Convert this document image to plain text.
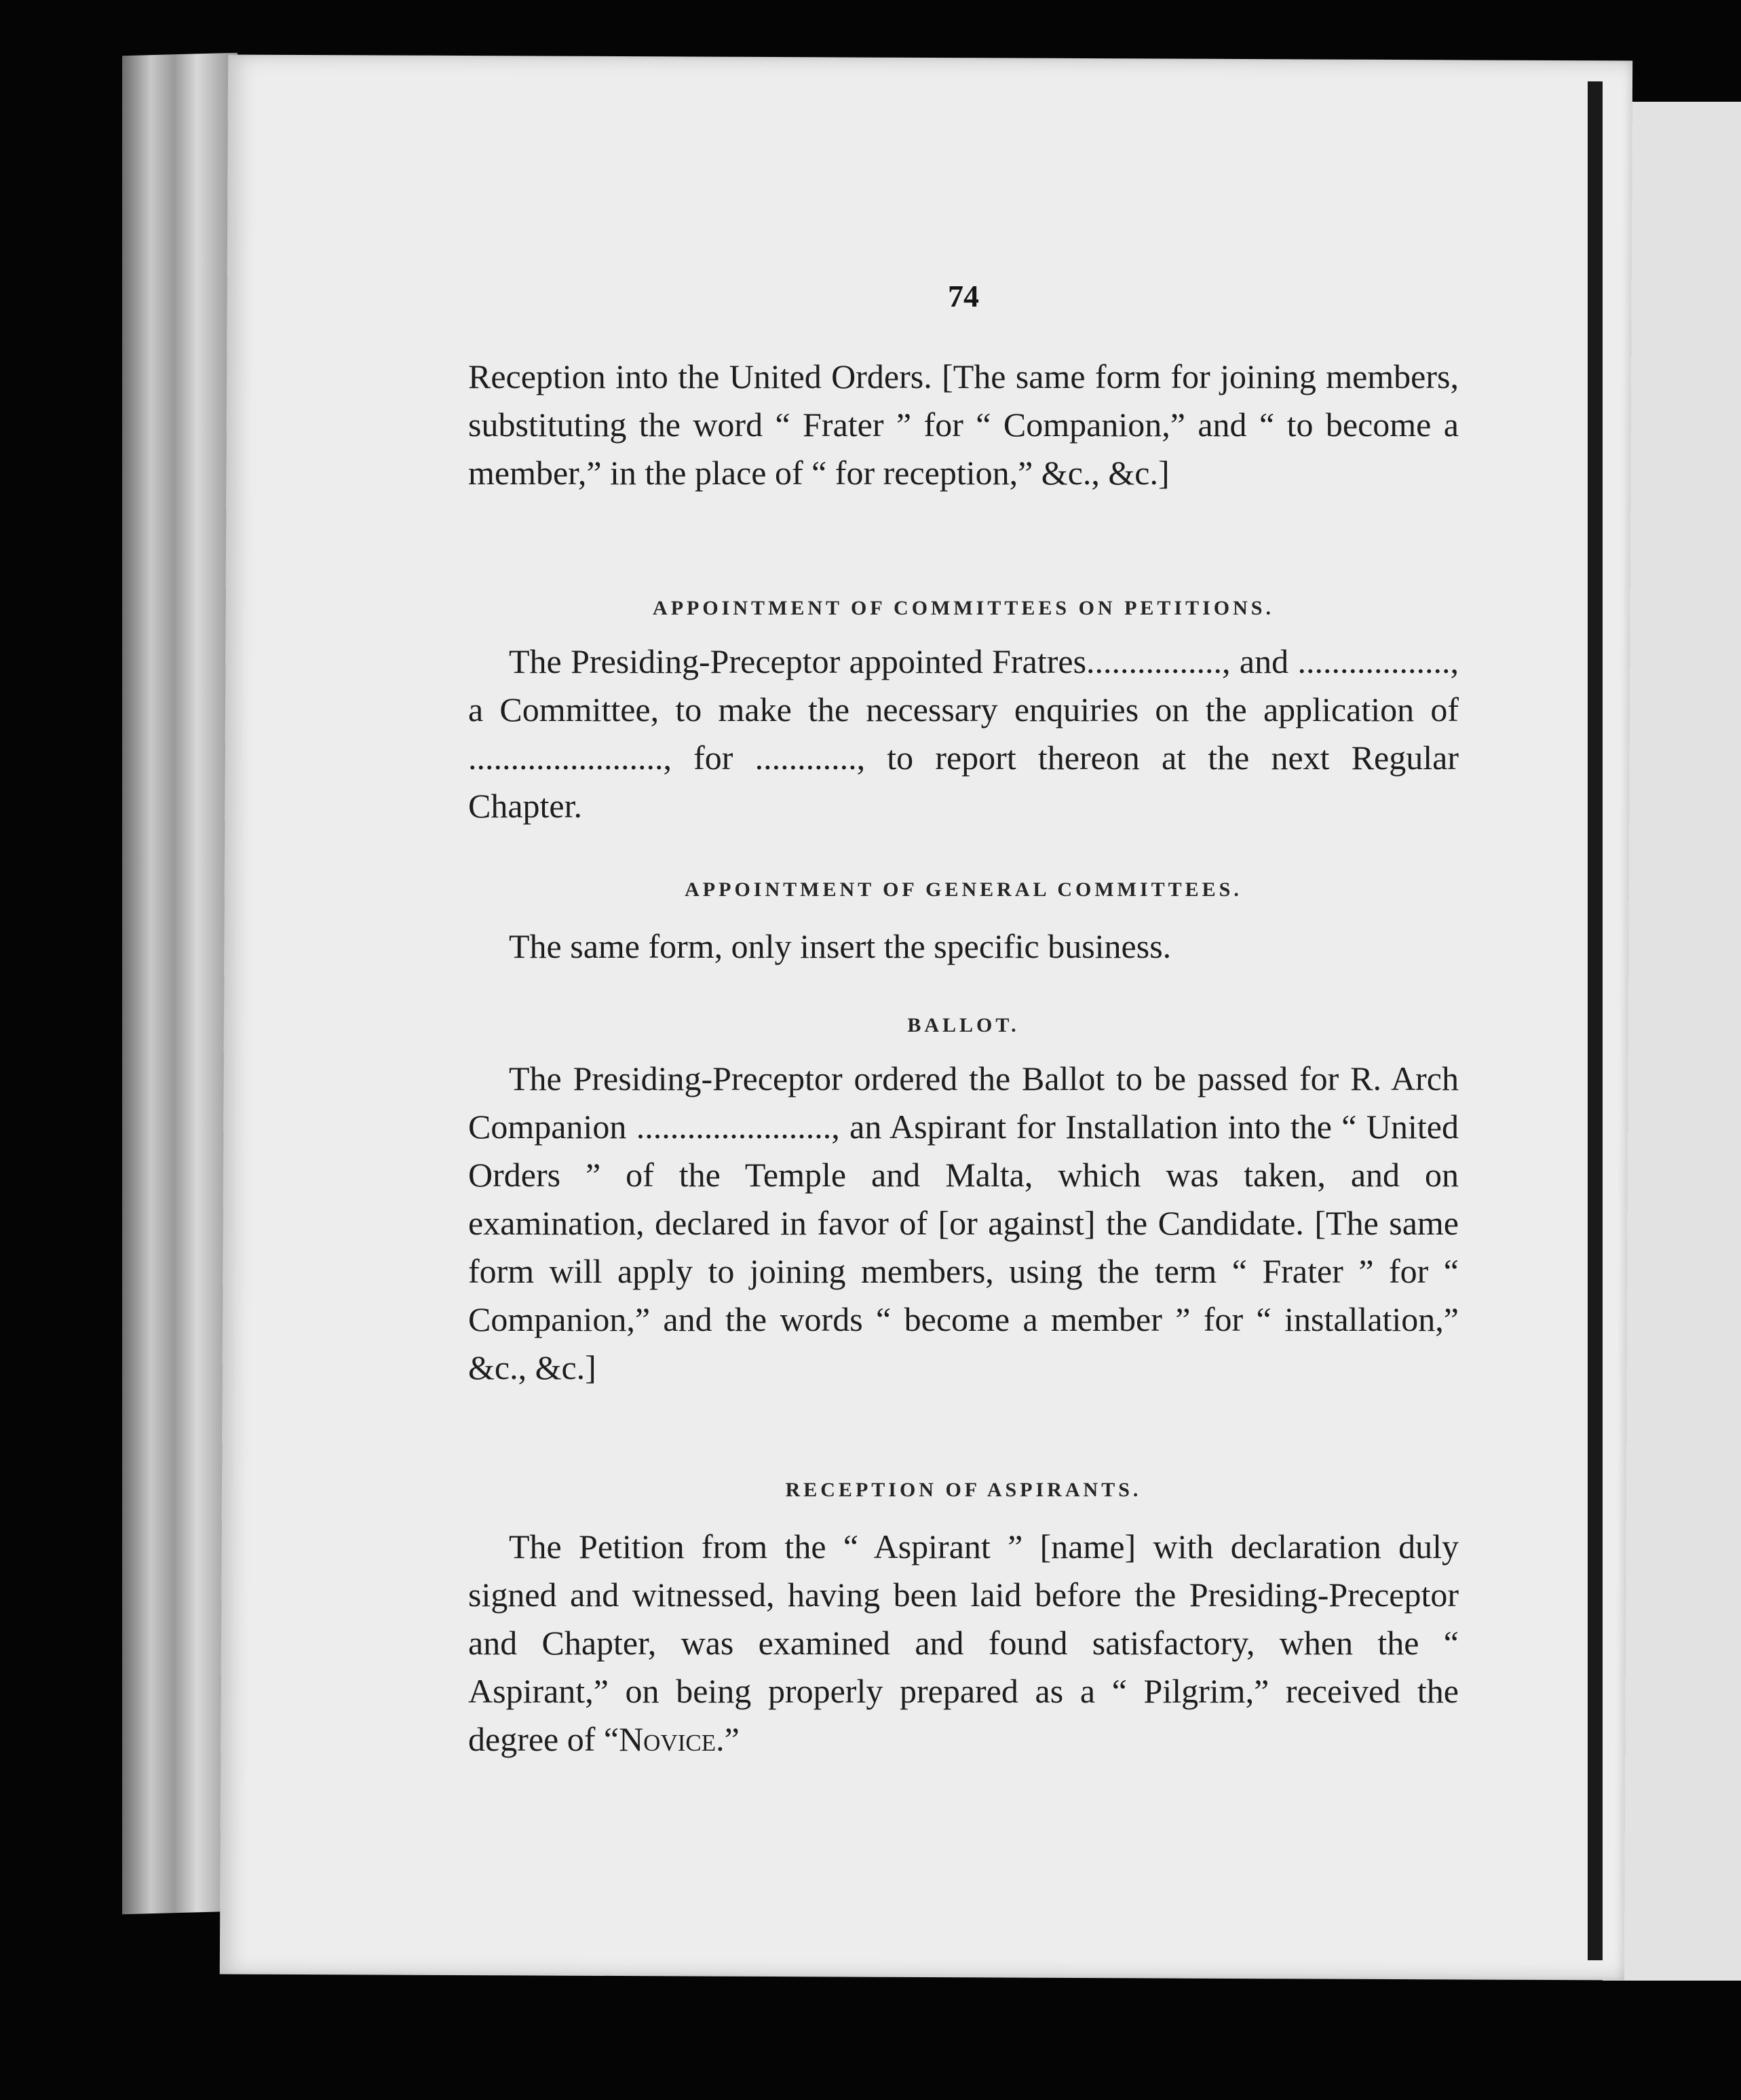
74

Reception into the United Orders. [The same form for joining members, substituting the word “ Frater ” for “ Companion,” and “ to become a member,” in the place of “ for reception,” &c., &c.]

APPOINTMENT OF COMMITTEES ON PETITIONS.

The Presiding-Preceptor appointed Fratres................, and .................., a Committee, to make the necessary enquiries on the application of ......................., for ............, to report thereon at the next Regular Chapter.

APPOINTMENT OF GENERAL COMMITTEES.

The same form, only insert the specific business.

BALLOT.

The Presiding-Preceptor ordered the Ballot to be passed for R. Arch Companion ......................., an Aspirant for Installation into the “ United Orders ” of the Temple and Malta, which was taken, and on examination, declared in favor of [or against] the Candidate. [The same form will apply to joining members, using the term “ Frater ” for “ Companion,” and the words “ become a member ” for “ installation,” &c., &c.]

RECEPTION OF ASPIRANTS.

The Petition from the “ Aspirant ” [name] with declaration duly signed and witnessed, having been laid before the Presiding-Preceptor and Chapter, was examined and found satisfactory, when the “ Aspirant,” on being properly prepared as a “ Pilgrim,” received the degree of “Novice.”
